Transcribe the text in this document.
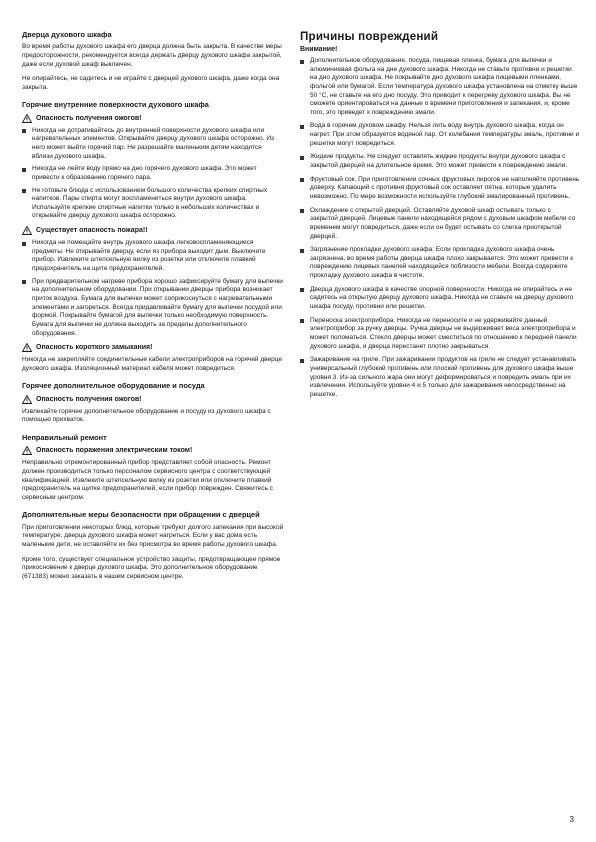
Дверца духового шкафа

Во время работы духового шкафа его дверца должна быть закрыта. В качестве меры предосторожности, рекомендуется всегда держать дверцу духового шкафа закрытой, даже если духовой шкаф выключен.

Не опирайтесь, не садитесь и не играйте с дверцей духового шкафа, даже когда она закрыта.

Горячие внутренние поверхности духового шкафа
Опасность получения ожогов!
Никогда не дотрагивайтесь до внутренней поверхности духового шкафа или нагревательных элементов. Открывайте дверцу духового шкафа осторожно. Из него может выйти горячий пар. Не разрешайте маленьким детям находится вблизи духового шкафа.
Никогда не лейте воду прямо на дно горячего духового шкафа. Это может привести к образованию горячего пара.
Не готовьте блюда с использованием большого количества крепких спиртных напитков. Пары спирта могут воспламениться внутри духового шкафа. Используйте крепкие спиртные напитки только в небольших количествах и открывайте дверцу духового шкафа осторожно.
Существует опасность пожара!!
Никогда не помещайте внутрь духового шкафа легковоспламеняющиеся предметы. Не открывайте дверцу, если из прибора выходит дым. Выключите прибор. Извлеките штепсельную вилку из розетки или отключите плавкий предохранитель на щите предохранителей.
При предварительном нагреве прибора хорошо зафиксируйте бумагу для выпечки на дополнительном оборудовании. При открывании дверцы прибора возникает приток воздуха. Бумага для выпечки может соприкоснуться с нагревательными элементами и загореться. Всегда придавливайте бумагу для выпечки посудой или формой. Покрывайте бумагой для выпечки только необходимую поверхность. Бумага для выпечки не должна выходить за пределы дополнительного оборудования.
Опасность короткого замыкания!

Никогда не закрепляйте соединительные кабели электроприборов на горячей дверце духового шкафа. Изоляционный материал кабеля может повредиться.

Горячее дополнительное оборудование и посуда
Опасность получения ожогов!

Извлекайте горячее дополнительное оборудование и посуду из духового шкафа с помощью прихваток.

Неправильный ремонт
Опасность поражения электрическим током!

Неправильно отремонтированный прибор представляет собой опасность. Ремонт должен производиться только персоналом сервисного центра с соответствующей квалификацией. Извлеките штепсельную вилку из розетки или отключите плавкий предохранитель на щитке предохранителей, если прибор поврежден. Свяжитесь с сервисным центром.

Дополнительные меры безопасности при обращении с дверцей

При приготовлении некоторых блюд, которые требуют долгого запекания при высокой температуре, дверца духового шкафа может нагреться. Если у вас дома есть маленькие дети, не оставляйте их без присмотра во время работы духового шкафа.

Кроме того, существует специальное устройство защиты, предотвращающее прямое прикосновение к дверце духового шкафа. Это дополнительное оборудование (671383) можно заказать в нашем сервисном центре.

Причины повреждений
Внимание!
Дополнительное оборудование, посуда, пищевая пленка, бумага для выпечки и алюминиевая фольга на дне духового шкафа. Никогда не ставьте противни и решетки на дно духового шкафа. Не покрывайте дно духового шкафа пищевыми пленками, фольгой или бумагой. Если температура духового шкафа установлена на отметку выше 50 °C, не ставьте на его дно посуду. Это приводит к перегреву духового шкафа. Вы не сможете ориентироваться на данные о времени приготовления и запекания, и, кроме того, это приведет к повреждению эмали.
Вода в горячем духовом шкафу. Нельзя лить воду внутрь духового шкафа, когда он нагрет. При этом образуется водяной пар. От колебания температуры эмаль, противни и решетки могут повредиться.
Жидкие продукты. Не следует оставлять жидкие продукты внутри духового шкафа с закрытой дверцей на длительное время. Это может привести к повреждению эмали.
Фруктовый сок. При приготовлении сочных фруктовых пирогов не наполняйте противень доверху. Капающий с противня фруктовый сок оставляет пятна, которые удалить невозможно. По мере возможности используйте глубокий эмалированный противень.
Охлаждение с открытой дверцей. Оставляйте духовой шкаф остывать только с закрытой дверцей. Лицевые панели находящейся рядом с духовым шкафом мебели со временем могут повредиться, даже если он будет остывать со слегка приоткрытой дверцей.
Загрязнение прокладки духового шкафа: Если прокладка духового шкафа очень загрязнена, во время работы дверца шкафа плохо закрывается. Это может привести к повреждению лицевых панелей находящейся поблизости мебели. Всегда содержите прокладку духового шкафа в чистоте.
Дверца духового шкафа в качестве опорной поверхности. Никогда не опирайтесь и не садитесь на открытую дверцу духового шкафа. Никогда не ставьте на дверцу духового шкафа посуду, противни или решетки.
Переноска электроприбора. Никогда не переносите и не удерживайте данный электроприбор за ручку дверцы. Ручка дверцы не выдерживает веса электроприбора и может поломаться. Стекло дверцы может сместиться по отношению к передней панели духового шкафа, и дверца перестанет плотно закрываться.
Зажаривание на гриле. При зажаривании продуктов на гриле не следует устанавливать универсальный глубокий противень или плоский противень для духового шкафа выше уровня 3. Из-за сильного жара они могут деформироваться и повредить эмаль при их извлечении. Используйте уровни 4 и 5 только для зажаривания непосредственно на решетке.
3
